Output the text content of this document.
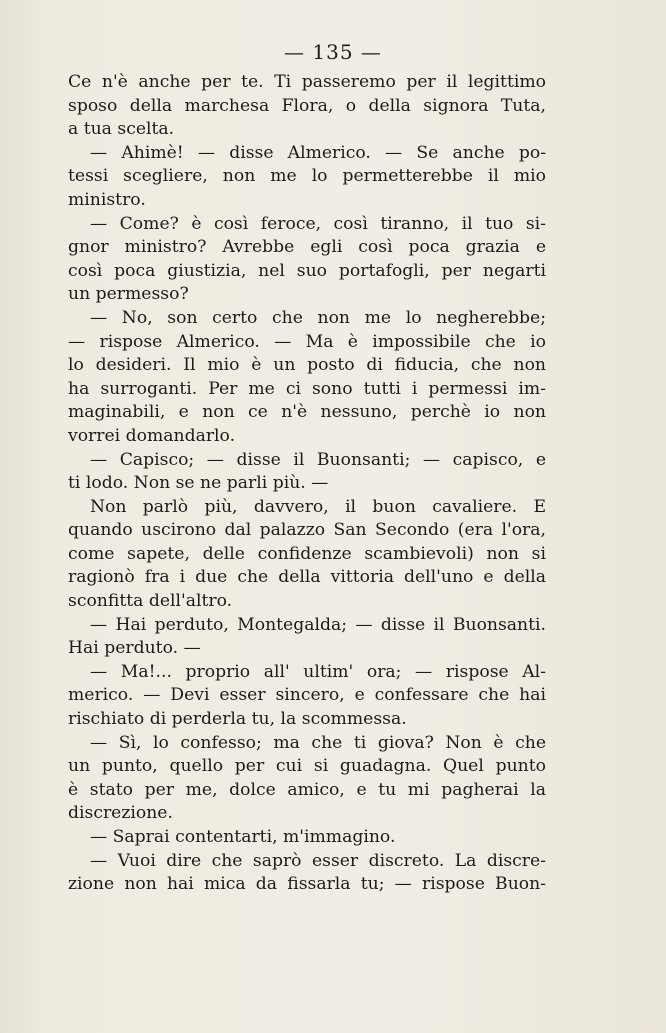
— 135 —
Ce n'è anche per te. Ti passeremo per il legittimo
sposo della marchesa Flora, o della signora Tuta,
a tua scelta.
— Ahimè! — disse Almerico. — Se anche po-
tessi scegliere, non me lo permetterebbe il mio
ministro.
— Come? è così feroce, così tiranno, il tuo si-
gnor ministro? Avrebbe egli così poca grazia e
così poca giustizia, nel suo portafogli, per negarti
un permesso?
— No, son certo che non me lo negherebbe;
— rispose Almerico. — Ma è impossibile che io
lo desideri. Il mio è un posto di fiducia, che non
ha surroganti. Per me ci sono tutti i permessi im-
maginabili, e non ce n'è nessuno, perchè io non
vorrei domandarlo.
— Capisco; — disse il Buonsanti; — capisco, e
ti lodo. Non se ne parli più. —
Non parlò più, davvero, il buon cavaliere. E
quando uscirono dal palazzo San Secondo (era l'ora,
come sapete, delle confidenze scambievoli) non si
ragionò fra i due che della vittoria dell'uno e della
sconfitta dell'altro.
— Hai perduto, Montegalda; — disse il Buonsanti.
Hai perduto. —
— Ma!... proprio all' ultim' ora; — rispose Al-
merico. — Devi esser sincero, e confessare che hai
rischiato di perderla tu, la scommessa.
— Sì, lo confesso; ma che ti giova? Non è che
un punto, quello per cui si guadagna. Quel punto
è stato per me, dolce amico, e tu mi pagherai la
discrezione.
— Saprai contentarti, m'immagino.
— Vuoi dire che saprò esser discreto. La discre-
zione non hai mica da fissarla tu; — rispose Buon-
